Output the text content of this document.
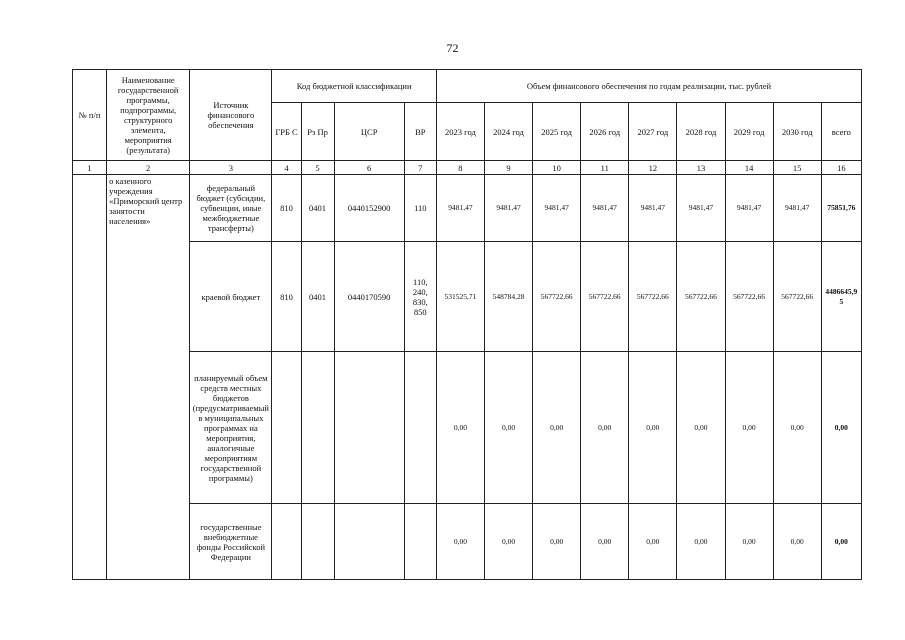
72
№ п/п	Наименование государственной программы, подпрограммы, структурного элемента, мероприятия (результата)	Источник финансового обеспечения	Код бюджетной классификации				Объем финансового обеспечения по годам реализации, тыс. рублей								
			ГРБ С	Рз Пр	ЦСР	ВР	2023 год	2024 год	2025 год	2026 год	2027 год	2028 год	2029 год	2030 год	всего
1	2	3	4	5	6	7	8	9	10	11	12	13	14	15	16
	о казенного учреждения «Приморский центр занятости населения»	федеральный бюджет (субсидии, субвенции, иные межбюджетные трансферты)	810	0401	0440152900	110	9481,47	9481,47	9481,47	9481,47	9481,47	9481,47	9481,47	9481,47	75851,76
		краевой бюджет	810	0401	0440170590	110, 240, 830, 850	531525,71	548784,28	567722,66	567722,66	567722,66	567722,66	567722,66	567722,66	4486645,95
		планируемый объем средств местных бюджетов (предусматриваемый в муниципальных программах на мероприятия, аналогичные мероприятиям государственной программы)					0,00	0,00	0,00	0,00	0,00	0,00	0,00	0,00	0,00
		государственные внебюджетные фонды Российской Федерации					0,00	0,00	0,00	0,00	0,00	0,00	0,00	0,00	0,00
